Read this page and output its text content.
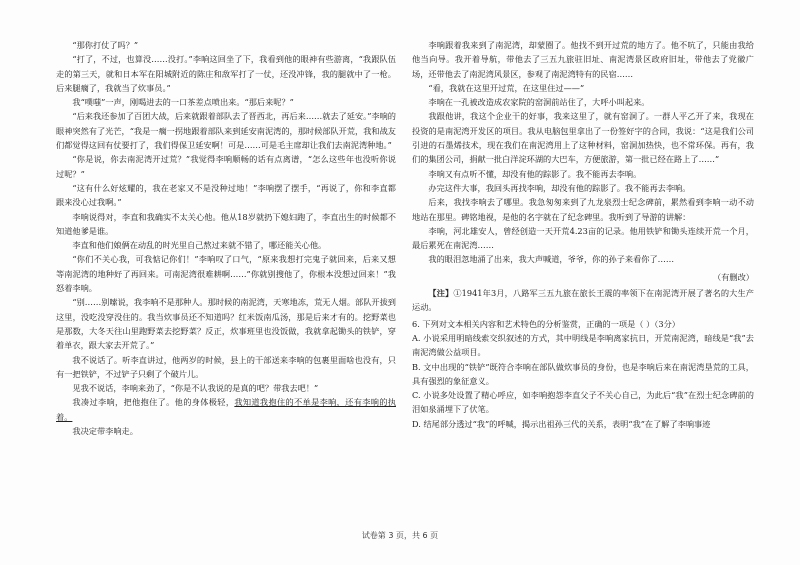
“那你打仗了吗？”

“打了，不过，也算没……没打。”李响这回坐了下，我看到他的眼神有些游离，“我跟队伍走的第三天，就和日本军在阳城附近的陈庄和敌军打了一仗，还没冲锋，我的腿就中了一枪。后来腿瘸了，我就当了炊事员。”

我“噗嗤”一声，刚喝进去的一口茶差点喷出来。“那后来呢？”

“后来我还参加了百团大战，后来就跟着部队去了晋西北，再后来……就去了延安。”李响的眼神突然有了光芒，“我是一瘸一拐地跟着部队来到延安南泥湾的，那时候部队开荒，我和战友们都觉得这回有仗要打了，我们得保卫延安啊！可是……可是毛主席却让我们去南泥湾种地。”

“你是说，你去南泥湾开过荒？”我觉得李响顺畅的话有点离谱，“怎么这些年也没听你说过呢？”

“这有什么好炫耀的，我在老家又不是没种过地！”李响摆了摆手，“再说了，你和李直都跟来没心过我啊。”

李响说得对，李直和我确实不太关心他。他从18岁就扔下媳妇跑了，李直出生的时候都不知道他爹是谁。

李直和他们娘俩在动乱的时光里自己熬过来就不错了，哪还能关心他。

“你们不关心我，可我惦记你们！”李响叹了口气，“原来我想打完鬼子就回来，后来又想等南泥湾的地种好了再回来。可南泥湾很难耕啊……”你就别搜他了，你根本没想过回来！”我怒着李响。

“别……别嗦说，我李响不是那种人。那时候的南泥湾，天寒地冻，荒无人烟。部队开拔到这里，没吃没穿没住的。我当炊事员还不知道吗？红米饭南瓜汤，那是后来才有的。挖野菜也是那数，大冬天往山里跑野菜去挖野菜？反正，炊事班里也没饭做，我就拿起锄头的铁铲，穿着单衣，跟大家去开荒了。”

我不说话了。听李直讲过，他两岁的时候，县上的干部送来李响的包裹里面啥也没有，只有一把铁铲，不过铲子只剩了个破片儿。

见我不说话，李响来劲了，“你是不认我说的是真的吧？带我去吧！”

我凑过李响，把他抱住了。他的身体极轻，我知道我抱住的不单是李响，还有李响的执着。

我决定带李响走。

李响跟着我来到了南泥湾，却蒙圈了。他找不到开过荒的地方了。他不吭了，只能由我给他当向导。我开着导航，带他去了三五九旅驻旧址、南泥湾景区政府旧址，带他去了党徽广场，还带他去了南泥湾风景区，参观了南泥湾特有的民宿……

“看，我就在这里开过荒，在这里住过——”

李响在一孔被改造成农家院的窑洞前站住了，大呼小叫起来。

我跟他讲，我这个企业干的好事，我来这里了，就有窑洞了。一群人平乙开了来，我现在投资的是南泥湾开发区的项目。我从电脑包里拿出了一份签好字的合同，我说：“这是我们公司引进的石墨烯技术，现在我们在南泥湾用上了这种材料，窑洞加热快，也不常环保。再有，我们的集团公司，捐献一批白洋淀环湖的大巴车，方便旅游，第一批已经在路上了……”

李响又有点听不懂，却没有他的踪影了。我不能再去李响。

办完这件大事，我回头再找李响，却没有他的踪影了。我不能再去李响。

后来，我找李响去了哪里。我急匆匆来到了九龙泉烈士纪念碑前，累然看到李响一动不动地站在那里。碑铭地视，是他的名字就在了纪念碑里。我听到了导游的讲解：

李响，河北雄安人，曾经创造一天开荒4.23亩的记录。他用铁铲和锄头连续开荒一个月，最后累死在南泥湾……

我的眼泪忽地涌了出来，我大声喊道，爷爷，你的孙子来看你了……

（有删改）

【注】①1941年3月，八路军三五九旅在旅长王震的率领下在南泥湾开展了著名的大生产运动。

6. 下列对文本相关内容和艺术特色的分析鉴赏，正确的一项是（ ）（3分）

A. 小说采用明暗线索交织叙述的方式，其中明线是李响离家抗日，开荒南泥湾，暗线是“我”去南泥湾做公益项目。

B. 文中出现的“铁铲”既符合李响在部队做炊事员的身份，也是李响后来在南泥湾垦荒的工具，具有强烈的象征意义。

C. 小说多处设置了精心呼应，如李响抱怨李直父子不关心自己，为此后“我”在烈士纪念碑前的泪如泉涌埋下了伏笔。

D. 结尾部分透过“我”的呼喊，揭示出祖孙三代的关系，表明“我”在了解了李响事迹

试卷第 3 页，共 6 页
